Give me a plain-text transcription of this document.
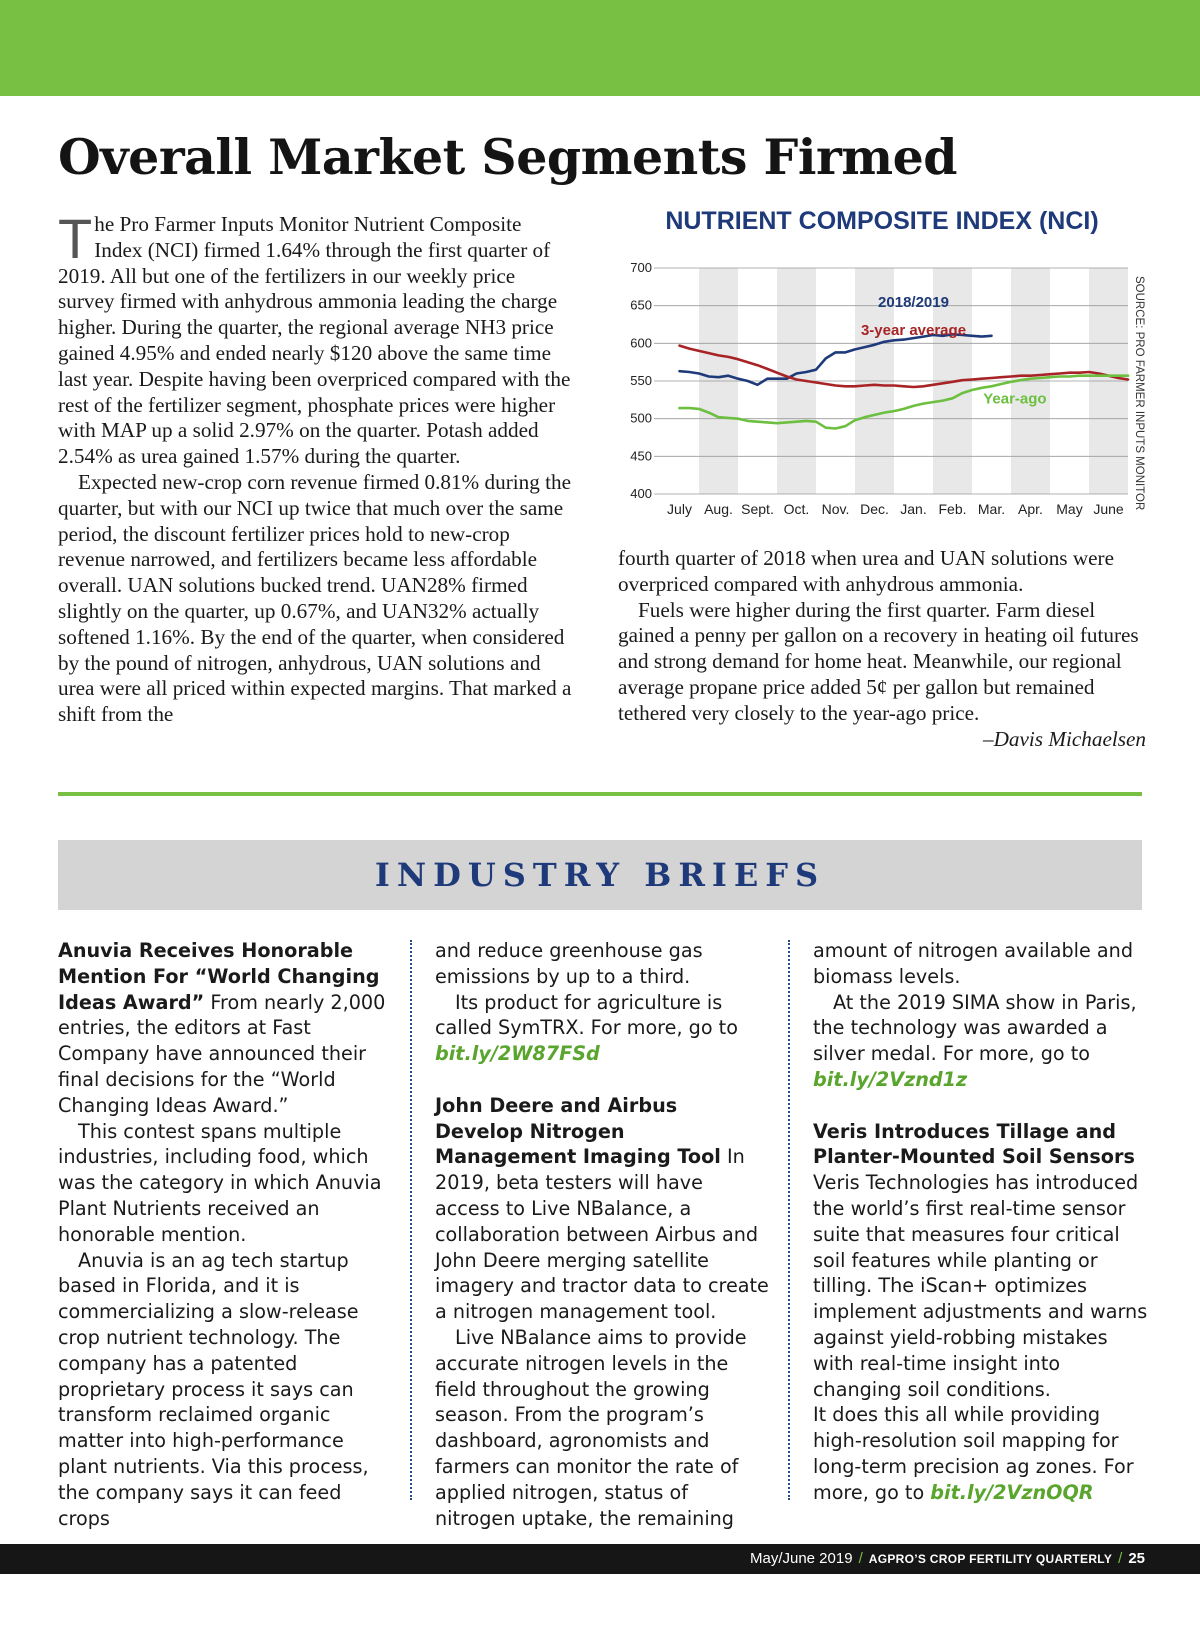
Overall Market Segments Firmed

The Pro Farmer Inputs Monitor Nutrient Composite Index (NCI) firmed 1.64% through the first quarter of 2019. All but one of the fertilizers in our weekly price survey firmed with anhydrous ammonia leading the charge higher. During the quarter, the regional average NH3 price gained 4.95% and ended nearly $120 above the same time last year. Despite having been overpriced compared with the rest of the fertilizer segment, phosphate prices were higher with MAP up a solid 2.97% on the quarter. Potash added 2.54% as urea gained 1.57% during the quarter.

Expected new-crop corn revenue firmed 0.81% during the quarter, but with our NCI up twice that much over the same period, the discount fertilizer prices hold to new-crop revenue narrowed, and fertilizers became less affordable overall. UAN solutions bucked trend. UAN28% firmed slightly on the quarter, up 0.67%, and UAN32% actually softened 1.16%. By the end of the quarter, when considered by the pound of nitrogen, anhydrous, UAN solutions and urea were all priced within expected margins. That marked a shift from the

NUTRIENT COMPOSITE INDEX (NCI)
400
450
500
550
600
650
700
July Aug. Sept. Oct. Nov. Dec. Jan. Feb. Mar. Apr. May June
2018/2019
3-year average
Year-ago	SOURCE: PRO FARMER INPUTS MONITOR

fourth quarter of 2018 when urea and UAN solutions were overpriced compared with anhydrous ammonia.

Fuels were higher during the first quarter. Farm diesel gained a penny per gallon on a recovery in heating oil futures and strong demand for home heat. Meanwhile, our regional average propane price added 5¢ per gallon but remained tethered very closely to the year-ago price.

–Davis Michaelsen

INDUSTRY BRIEFS

Anuvia Receives Honorable Mention For “World Changing Ideas Award” From nearly 2,000 entries, the editors at Fast Company have announced their final decisions for the “World Changing Ideas Award.”

This contest spans multiple industries, including food, which was the category in which Anuvia Plant Nutrients received an honorable mention.

Anuvia is an ag tech startup based in Florida, and it is commercializing a slow-release crop nutrient technology. The company has a patented proprietary process it says can transform reclaimed organic matter into high-performance plant nutrients. Via this process, the company says it can feed crops

and reduce greenhouse gas emissions by up to a third.

Its product for agriculture is called SymTRX. For more, go to bit.ly/2W87FSd

John Deere and Airbus Develop Nitrogen Management Imaging Tool In 2019, beta testers will have access to Live NBalance, a collaboration between Airbus and John Deere merging satellite imagery and tractor data to create a nitrogen management tool.

Live NBalance aims to provide accurate nitrogen levels in the field throughout the growing season. From the program’s dashboard, agronomists and farmers can monitor the rate of applied nitrogen, status of nitrogen uptake, the remaining

amount of nitrogen available and biomass levels.

At the 2019 SIMA show in Paris, the technology was awarded a silver medal. For more, go to bit.ly/2Vznd1z

Veris Introduces Tillage and Planter-Mounted Soil Sensors

Veris Technologies has introduced the world’s first real-time sensor suite that measures four critical soil features while planting or tilling. The iScan+ optimizes implement adjustments and warns against yield-robbing mistakes with real-time insight into changing soil conditions.

It does this all while providing high-resolution soil mapping for long-term precision ag zones. For more, go to bit.ly/2VznOQR

May/June 2019 / AGPRO’S CROP FERTILITY QUARTERLY / 25
